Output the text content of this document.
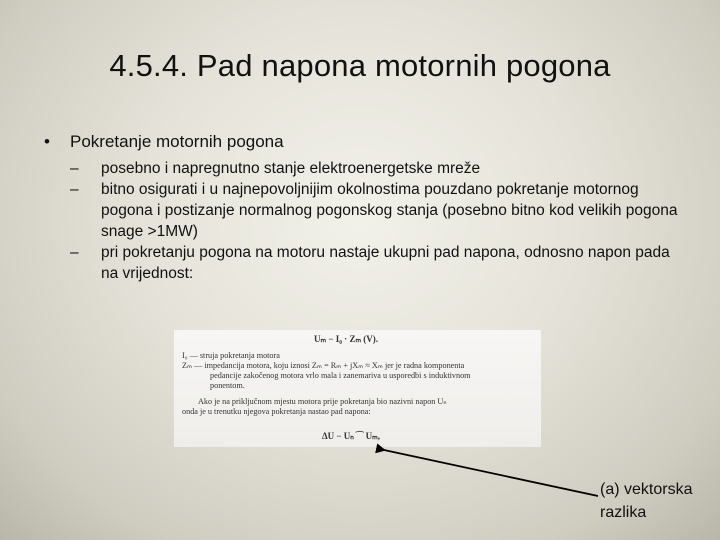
4.5.4. Pad napona motornih pogona
•	Pokretanje motornih pogona
–	posebno i napregnutno stanje elektroenergetske mreže
–	bitno osigurati i u najnepovoljnijim okolnostima pouzdano pokretanje motornog pogona i postizanje normalnog pogonskog stanja (posebno bitno kod velikih pogona snage >1MW)
–	pri pokretanju pogona na motoru nastaje ukupni pad napona, odnosno napon pada na vrijednost:
Uₘ − I₀ · Zₘ (V).
I₀ — struja pokretanja motora
Zₘ — impedancija motora, koju iznosi Zₘ = Rₘ + jXₘ ≈ Xₘ jer je radna komponenta
pedancije zakočenog motora vrlo mala i zanemariva u usporedbi s induktivnom
ponentom.
Ako je na priključnom mjestu motora prije pokretanja bio nazivni napon Uₙ
onda je u trenutku njegova pokretanja nastao pad napona:
ΔU − Uₙ ⁀ Uₘ,
(a) vektorska razlika
